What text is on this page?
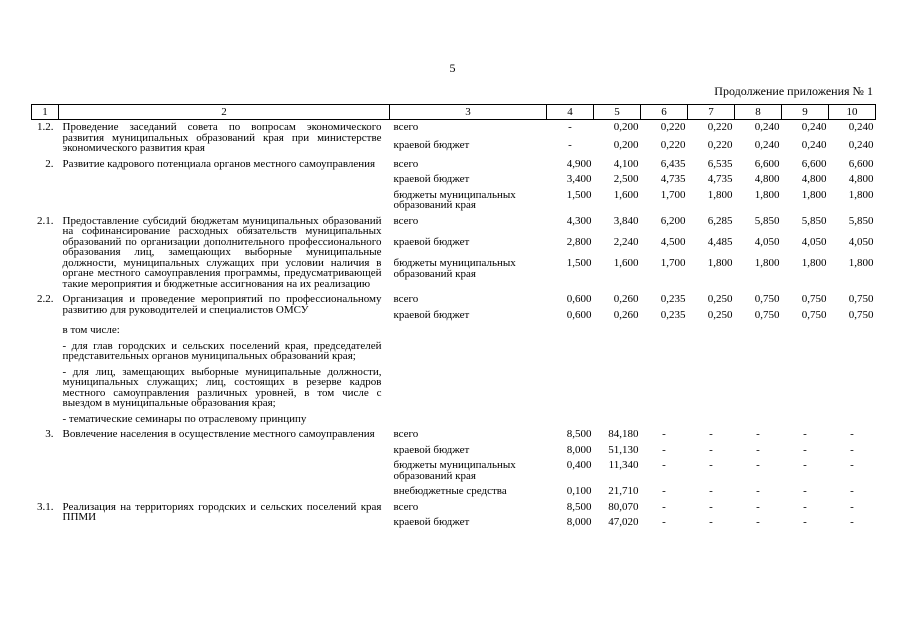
5
Продолжение приложения № 1
1	2	3	4	5	6	7	8	9	10
1.2.	Проведение заседаний совета по вопросам экономического развития муниципальных образований края при министерстве экономического развития края	всего	-	0,200	0,220	0,220	0,240	0,240	0,240
		краевой бюджет	-	0,200	0,220	0,220	0,240	0,240	0,240
2.	Развитие кадрового потенциала органов местного самоуправления	всего	4,900	4,100	6,435	6,535	6,600	6,600	6,600
		краевой бюджет	3,400	2,500	4,735	4,735	4,800	4,800	4,800
		бюджеты муниципальных образований края	1,500	1,600	1,700	1,800	1,800	1,800	1,800
2.1.	Предоставление субсидий бюджетам муниципальных образований на софинансирование расходных обязательств муниципальных образований по организации дополнительного профессионального образования лиц, замещающих выборные муниципальные должности, муниципальных служащих при условии наличия в органе местного самоуправления программы, предусматривающей такие мероприятия и бюджетные ассигнования на их реализацию	всего	4,300	3,840	6,200	6,285	5,850	5,850	5,850
		краевой бюджет	2,800	2,240	4,500	4,485	4,050	4,050	4,050
		бюджеты муниципальных образований края	1,500	1,600	1,700	1,800	1,800	1,800	1,800
2.2.	Организация и проведение мероприятий по профессиональному развитию для руководителей и специалистов ОМСУ	всего	0,600	0,260	0,235	0,250	0,750	0,750	0,750
		краевой бюджет	0,600	0,260	0,235	0,250	0,750	0,750	0,750
	в том числе:								
	- для глав городских и сельских поселений края, председателей представительных органов муниципальных образований края;								
	- для лиц, замещающих выборные муниципальные должности, муниципальных служащих; лиц, состоящих в резерве кадров местного самоуправления различных уровней, в том числе с выездом в муниципальные образования края;								
	- тематические семинары по отраслевому принципу								
3.	Вовлечение населения в осуществление местного самоуправления	всего	8,500	84,180	-	-	-	-	-
		краевой бюджет	8,000	51,130	-	-	-	-	-
		бюджеты муниципальных образований края	0,400	11,340	-	-	-	-	-
		внебюджетные средства	0,100	21,710	-	-	-	-	-
3.1.	Реализация на территориях городских и сельских поселений края ППМИ	всего	8,500	80,070	-	-	-	-	-
		краевой бюджет	8,000	47,020	-	-	-	-	-
